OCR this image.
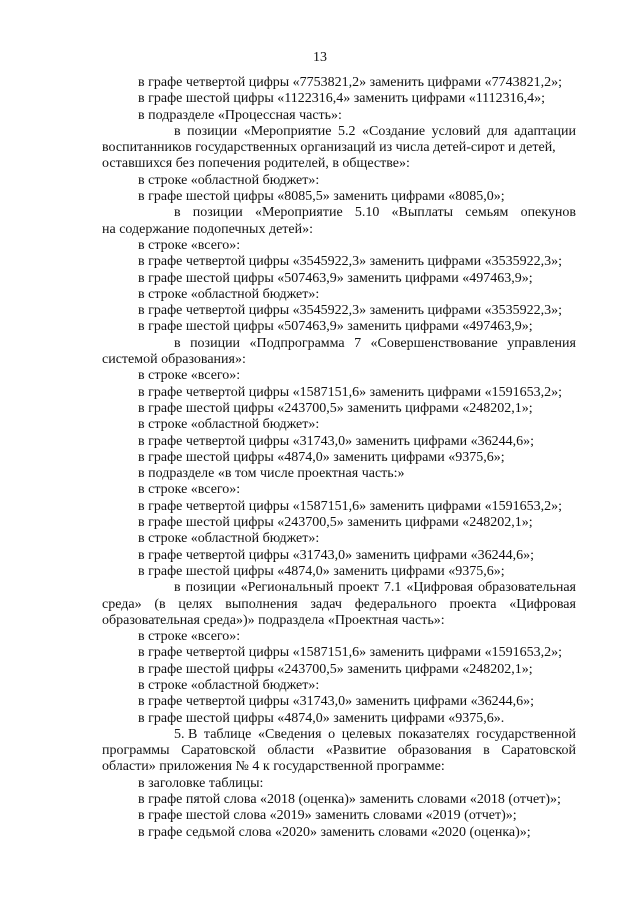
13
в графе четвертой цифры «7753821,2» заменить цифрами «7743821,2»;
в графе шестой цифры «1122316,4» заменить цифрами «1112316,4»;
в подразделе «Процессная часть»:
в позиции «Мероприятие 5.2 «Создание условий для адаптации
воспитанников государственных организаций из числа детей-сирот и детей,
оставшихся без попечения родителей, в обществе»:
в строке «областной бюджет»:
в графе шестой цифры «8085,5» заменить цифрами «8085,0»;
в позиции «Мероприятие 5.10 «Выплаты семьям опекунов
на содержание подопечных детей»:
в строке «всего»:
в графе четвертой цифры «3545922,3» заменить цифрами «3535922,3»;
в графе шестой цифры «507463,9» заменить цифрами «497463,9»;
в строке «областной бюджет»:
в графе четвертой цифры «3545922,3» заменить цифрами «3535922,3»;
в графе шестой цифры «507463,9» заменить цифрами «497463,9»;
в позиции «Подпрограмма 7 «Совершенствование управления
системой образования»:
в строке «всего»:
в графе четвертой цифры «1587151,6» заменить цифрами «1591653,2»;
в графе шестой цифры «243700,5» заменить цифрами «248202,1»;
в строке «областной бюджет»:
в графе четвертой цифры «31743,0» заменить цифрами «36244,6»;
в графе шестой цифры «4874,0» заменить цифрами «9375,6»;
в подразделе «в том числе проектная часть:»
в строке «всего»:
в графе четвертой цифры «1587151,6» заменить цифрами «1591653,2»;
в графе шестой цифры «243700,5» заменить цифрами «248202,1»;
в строке «областной бюджет»:
в графе четвертой цифры «31743,0» заменить цифрами «36244,6»;
в графе шестой цифры «4874,0» заменить цифрами «9375,6»;
в позиции «Региональный проект 7.1 «Цифровая образовательная
среда» (в целях выполнения задач федерального проекта «Цифровая
образовательная среда»)» подраздела «Проектная часть»:
в строке «всего»:
в графе четвертой цифры «1587151,6» заменить цифрами «1591653,2»;
в графе шестой цифры «243700,5» заменить цифрами «248202,1»;
в строке «областной бюджет»:
в графе четвертой цифры «31743,0» заменить цифрами «36244,6»;
в графе шестой цифры «4874,0» заменить цифрами «9375,6».
5. В таблице «Сведения о целевых показателях государственной
программы Саратовской области «Развитие образования в Саратовской
области» приложения № 4 к государственной программе:
в заголовке таблицы:
в графе пятой слова «2018 (оценка)» заменить словами «2018 (отчет)»;
в графе шестой слова «2019» заменить словами «2019 (отчет)»;
в графе седьмой слова «2020» заменить словами «2020 (оценка)»;
